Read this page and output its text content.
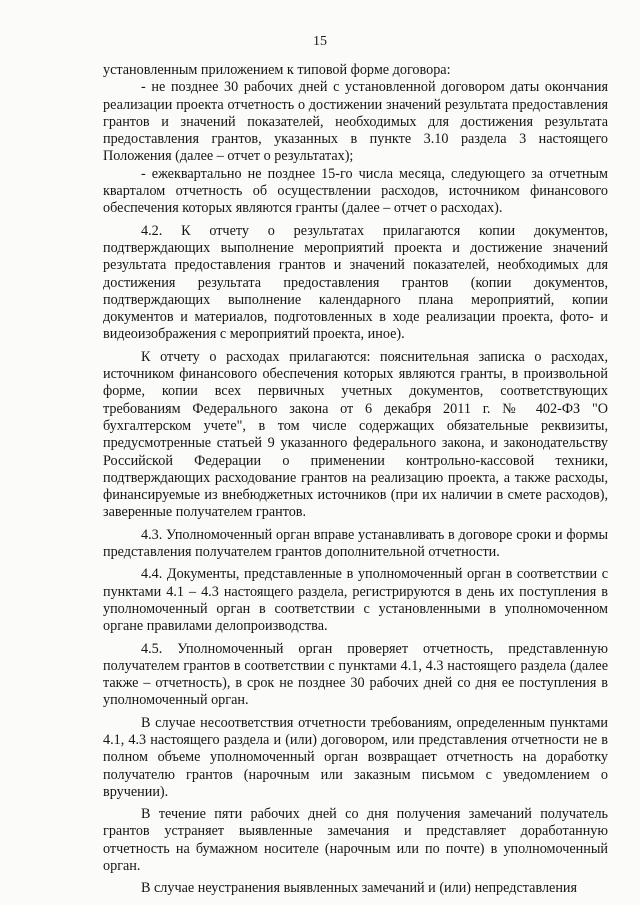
15

установленным приложением к типовой форме договора:

- не позднее 30 рабочих дней с установленной договором даты окончания реализации проекта отчетность о достижении значений результата предоставления грантов и значений показателей, необходимых для достижения результата предоставления грантов, указанных в пункте 3.10 раздела 3 настоящего Положения (далее – отчет о результатах);

- ежеквартально не позднее 15-го числа месяца, следующего за отчетным кварталом отчетность об осуществлении расходов, источником финансового обеспечения которых являются гранты (далее – отчет о расходах).

4.2. К отчету о результатах прилагаются копии документов, подтверждающих выполнение мероприятий проекта и достижение значений результата предоставления грантов и значений показателей, необходимых для достижения результата предоставления грантов (копии документов, подтверждающих выполнение календарного плана мероприятий, копии документов и материалов, подготовленных в ходе реализации проекта, фото- и видеоизображения с мероприятий проекта, иное).

К отчету о расходах прилагаются: пояснительная записка о расходах, источником финансового обеспечения которых являются гранты, в произвольной форме, копии всех первичных учетных документов, соответствующих требованиям Федерального закона от 6 декабря 2011 г. № 402-ФЗ "О бухгалтерском учете", в том числе содержащих обязательные реквизиты, предусмотренные статьей 9 указанного федерального закона, и законодательству Российской Федерации о применении контрольно-кассовой техники, подтверждающих расходование грантов на реализацию проекта, а также расходы, финансируемые из внебюджетных источников (при их наличии в смете расходов), заверенные получателем грантов.

4.3. Уполномоченный орган вправе устанавливать в договоре сроки и формы представления получателем грантов дополнительной отчетности.

4.4. Документы, представленные в уполномоченный орган в соответствии с пунктами 4.1 – 4.3 настоящего раздела, регистрируются в день их поступления в уполномоченный орган в соответствии с установленными в уполномоченном органе правилами делопроизводства.

4.5. Уполномоченный орган проверяет отчетность, представленную получателем грантов в соответствии с пунктами 4.1, 4.3 настоящего раздела (далее также – отчетность), в срок не позднее 30 рабочих дней со дня ее поступления в уполномоченный орган.

В случае несоответствия отчетности требованиям, определенным пунктами 4.1, 4.3 настоящего раздела и (или) договором, или представления отчетности не в полном объеме уполномоченный орган возвращает отчетность на доработку получателю грантов (нарочным или заказным письмом с уведомлением о вручении).

В течение пяти рабочих дней со дня получения замечаний получатель грантов устраняет выявленные замечания и представляет доработанную отчетность на бумажном носителе (нарочным или по почте) в уполномоченный орган.

В случае неустранения выявленных замечаний и (или) непредставления
